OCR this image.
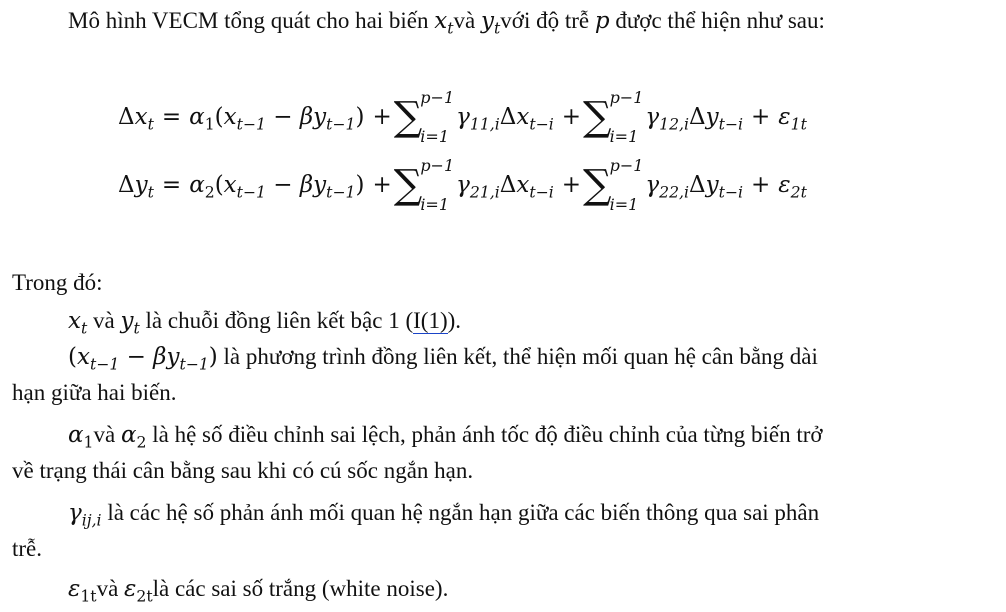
Mô hình VECM tổng quát cho hai biến $x_tvà$ $y_tvới$ độ trễ p được thể hiện như sau:
$\Delta x_t = \alpha_1$ $(x_{t-1} - \beta y_{t-1})$ + ∑
p−1
i=1
$\gamma_{11,i}\Delta x_{t-i}$ + ∑
p−1
i=1
$\gamma_{12,i}\Delta y_{t-i} + \varepsilon_{1t}$
$\Delta y_t = \alpha_2$ $(x_{t-1} - \beta y_{t-1})$ + ∑
p−1
i=1
$\gamma_{21,i}\Delta x_{t-i}$ + ∑
p−1
i=1
$\gamma_{22,i}\Delta y_{t-i} + \varepsilon_{2t}$
Trong đó:
$x_t$ và $y_t$ là chuỗi đồng liên kết bậc 1 (I(1)).
$(x_{t-1} - \beta y_{t-1})$ là phương trình đồng liên kết, thể hiện mối quan hệ cân bằng dài
hạn giữa hai biến.
$\alpha_1và$ $\alpha_2$ là hệ số điều chỉnh sai lệch, phản ánh tốc độ điều chỉnh của từng biến trở
về trạng thái cân bằng sau khi có cú sốc ngắn hạn.
$\gamma_{ij,i}$ là các hệ số phản ánh mối quan hệ ngắn hạn giữa các biến thông qua sai phân
trễ.
$\varepsilon_{1t}và$ $\varepsilon_{2t}là$ các sai số trắng (white noise).
